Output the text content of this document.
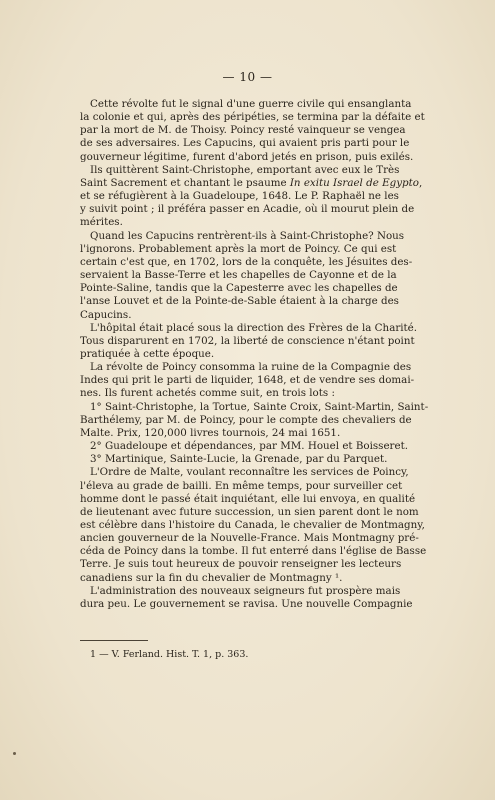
— 10 —
Cette révolte fut le signal d'une guerre civile qui ensanglanta
la colonie et qui, après des péripéties, se termina par la défaite et
par la mort de M. de Thoisy. Poincy resté vainqueur se vengea
de ses adversaires. Les Capucins, qui avaient pris parti pour le
gouverneur légitime, furent d'abord jetés en prison, puis exilés.
Ils quittèrent Saint-Christophe, emportant avec eux le Très
Saint Sacrement et chantant le psaume In exitu Israel de Egypto,
et se réfugièrent à la Guadeloupe, 1648. Le P. Raphaël ne les
y suivit point ; il préféra passer en Acadie, où il mourut plein de
mérites.
Quand les Capucins rentrèrent-ils à Saint-Christophe? Nous
l'ignorons. Probablement après la mort de Poincy. Ce qui est
certain c'est que, en 1702, lors de la conquête, les Jésuites des-
servaient la Basse-Terre et les chapelles de Cayonne et de la
Pointe-Saline, tandis que la Capesterre avec les chapelles de
l'anse Louvet et de la Pointe-de-Sable étaient à la charge des
Capucins.
L'hôpital était placé sous la direction des Frères de la Charité.
Tous disparurent en 1702, la liberté de conscience n'étant point
pratiquée à cette époque.
La révolte de Poincy consomma la ruine de la Compagnie des
Indes qui prit le parti de liquider, 1648, et de vendre ses domai-
nes. Ils furent achetés comme suit, en trois lots :
1° Saint-Christophe, la Tortue, Sainte Croix, Saint-Martin, Saint-
Barthélemy, par M. de Poincy, pour le compte des chevaliers de
Malte. Prix, 120,000 livres tournois, 24 mai 1651.
2° Guadeloupe et dépendances, par MM. Houel et Boisseret.
3° Martinique, Sainte-Lucie, la Grenade, par du Parquet.
L'Ordre de Malte, voulant reconnaître les services de Poincy,
l'éleva au grade de bailli. En même temps, pour surveiller cet
homme dont le passé était inquiétant, elle lui envoya, en qualité
de lieutenant avec future succession, un sien parent dont le nom
est célèbre dans l'histoire du Canada, le chevalier de Montmagny,
ancien gouverneur de la Nouvelle-France. Mais Montmagny pré-
céda de Poincy dans la tombe. Il fut enterré dans l'église de Basse
Terre. Je suis tout heureux de pouvoir renseigner les lecteurs
canadiens sur la fin du chevalier de Montmagny ¹.
L'administration des nouveaux seigneurs fut prospère mais
dura peu. Le gouvernement se ravisa. Une nouvelle Compagnie
1 — V. Ferland. Hist. T. 1, p. 363.
